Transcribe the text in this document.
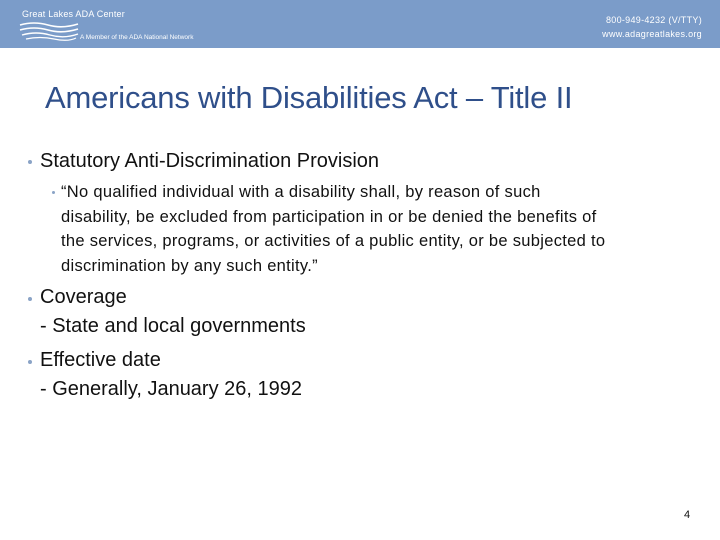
Great Lakes ADA Center
A Member of the ADA National Network
800-949-4232 (V/TTY)
www.adagreatlakes.org
Americans with Disabilities Act – Title II
Statutory Anti-Discrimination Provision
“No qualified individual with a disability shall, by reason of such
disability, be excluded from participation in or be denied the benefits of
the services, programs, or activities of a public entity, or be subjected to
discrimination by any such entity.”
Coverage
- State and local governments
Effective date
- Generally, January 26, 1992
4
